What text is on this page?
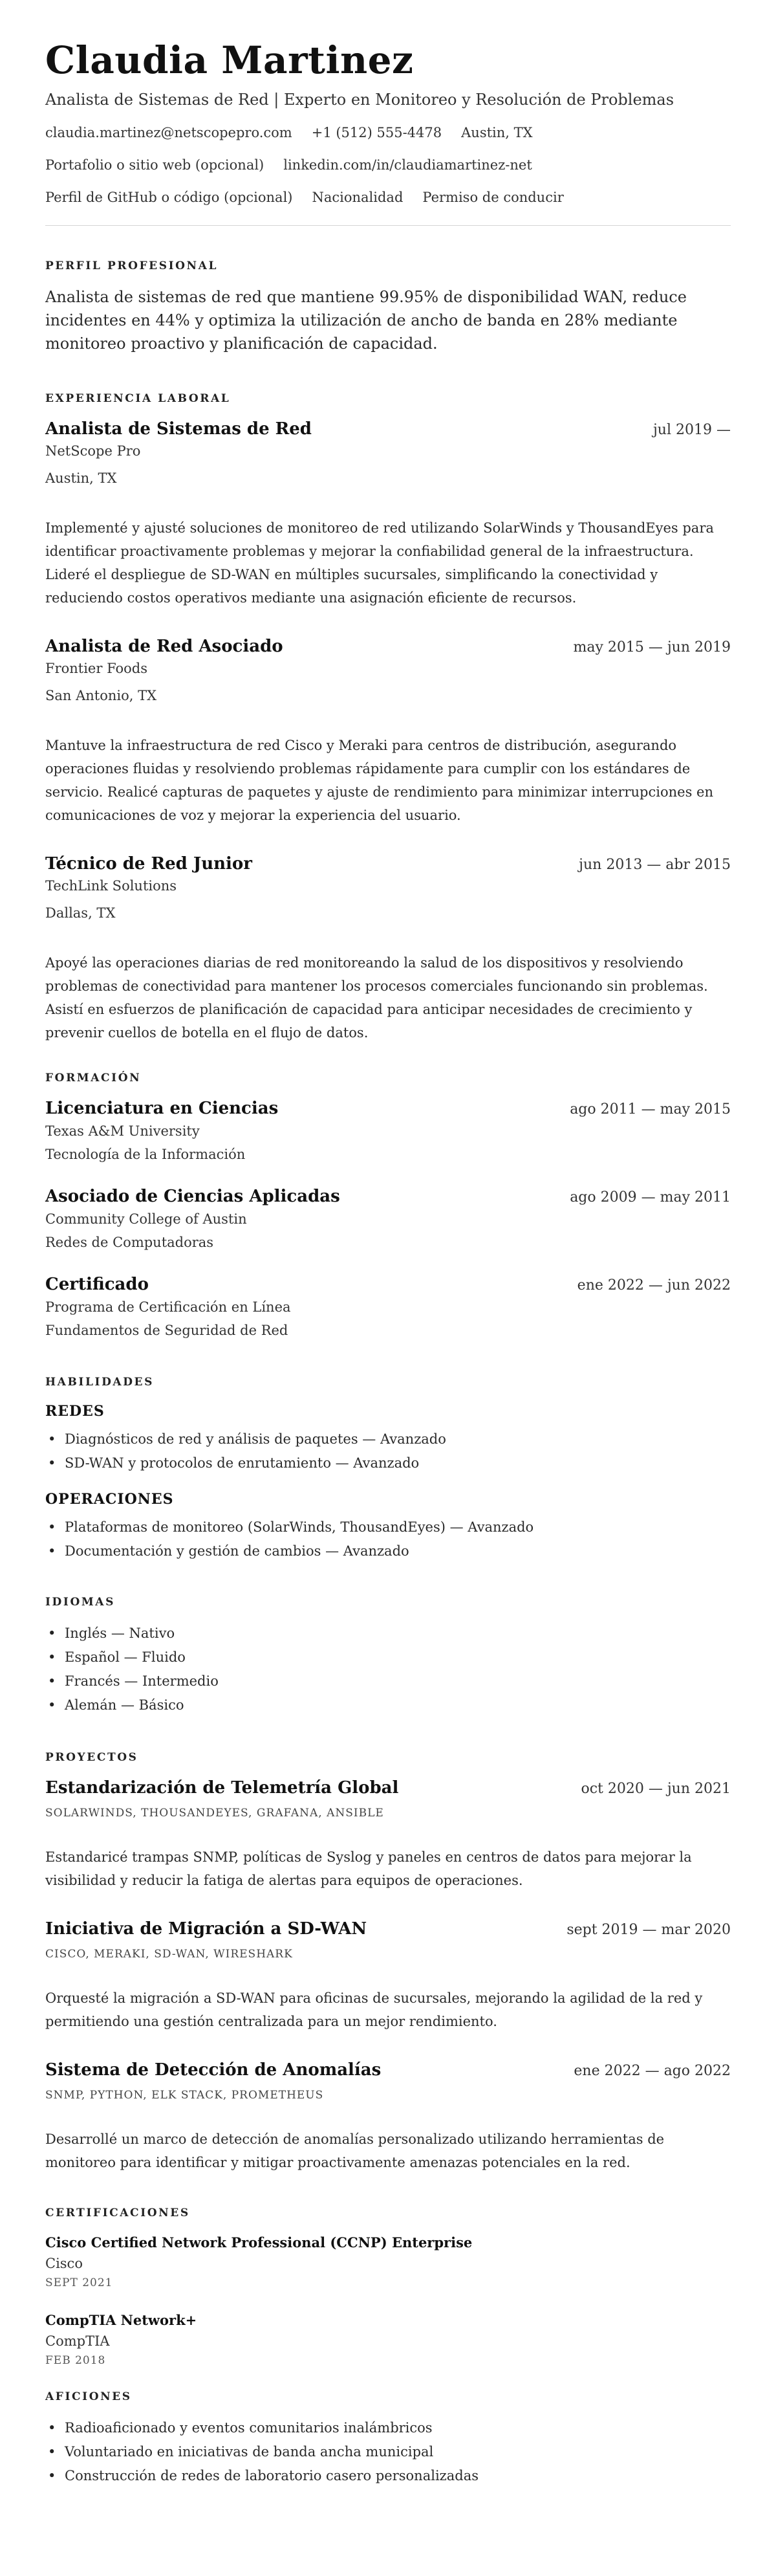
Claudia Martinez
Analista de Sistemas de Red | Experto en Monitoreo y Resolución de Problemas
claudia.martinez@netscopepro.com +1 (512) 555-4478 Austin, TX
Portafolio o sitio web (opcional) linkedin.com/in/claudiamartinez-net
Perfil de GitHub o código (opcional) Nacionalidad Permiso de conducir
PERFIL PROFESIONAL
Analista de sistemas de red que mantiene 99.95% de disponibilidad WAN, reduce incidentes en 44% y optimiza la utilización de ancho de banda en 28% mediante monitoreo proactivo y planificación de capacidad.
EXPERIENCIA LABORAL
Analista de Sistemas de Red	jul 2019 —
NetScope Pro
Austin, TX
Implementé y ajusté soluciones de monitoreo de red utilizando SolarWinds y ThousandEyes para identificar proactivamente problemas y mejorar la confiabilidad general de la infraestructura. Lideré el despliegue de SD-WAN en múltiples sucursales, simplificando la conectividad y reduciendo costos operativos mediante una asignación eficiente de recursos.
Analista de Red Asociado	may 2015 — jun 2019
Frontier Foods
San Antonio, TX
Mantuve la infraestructura de red Cisco y Meraki para centros de distribución, asegurando operaciones fluidas y resolviendo problemas rápidamente para cumplir con los estándares de servicio. Realicé capturas de paquetes y ajuste de rendimiento para minimizar interrupciones en comunicaciones de voz y mejorar la experiencia del usuario.
Técnico de Red Junior	jun 2013 — abr 2015
TechLink Solutions
Dallas, TX
Apoyé las operaciones diarias de red monitoreando la salud de los dispositivos y resolviendo problemas de conectividad para mantener los procesos comerciales funcionando sin problemas. Asistí en esfuerzos de planificación de capacidad para anticipar necesidades de crecimiento y prevenir cuellos de botella en el flujo de datos.
FORMACIÓN
Licenciatura en Ciencias	ago 2011 — may 2015
Texas A&M University
Tecnología de la Información
Asociado de Ciencias Aplicadas	ago 2009 — may 2011
Community College of Austin
Redes de Computadoras
Certificado	ene 2022 — jun 2022
Programa de Certificación en Línea
Fundamentos de Seguridad de Red
HABILIDADES
REDES
• Diagnósticos de red y análisis de paquetes — Avanzado
• SD-WAN y protocolos de enrutamiento — Avanzado
OPERACIONES
• Plataformas de monitoreo (SolarWinds, ThousandEyes) — Avanzado
• Documentación y gestión de cambios — Avanzado
IDIOMAS
• Inglés — Nativo
• Español — Fluido
• Francés — Intermedio
• Alemán — Básico
PROYECTOS
Estandarización de Telemetría Global	oct 2020 — jun 2021
SOLARWINDS, THOUSANDEYES, GRAFANA, ANSIBLE
Estandaricé trampas SNMP, políticas de Syslog y paneles en centros de datos para mejorar la visibilidad y reducir la fatiga de alertas para equipos de operaciones.
Iniciativa de Migración a SD-WAN	sept 2019 — mar 2020
CISCO, MERAKI, SD-WAN, WIRESHARK
Orquesté la migración a SD-WAN para oficinas de sucursales, mejorando la agilidad de la red y permitiendo una gestión centralizada para un mejor rendimiento.
Sistema de Detección de Anomalías	ene 2022 — ago 2022
SNMP, PYTHON, ELK STACK, PROMETHEUS
Desarrollé un marco de detección de anomalías personalizado utilizando herramientas de monitoreo para identificar y mitigar proactivamente amenazas potenciales en la red.
CERTIFICACIONES
Cisco Certified Network Professional (CCNP) Enterprise
Cisco
SEPT 2021
CompTIA Network+
CompTIA
FEB 2018
AFICIONES
• Radioaficionado y eventos comunitarios inalámbricos
• Voluntariado en iniciativas de banda ancha municipal
• Construcción de redes de laboratorio casero personalizadas
